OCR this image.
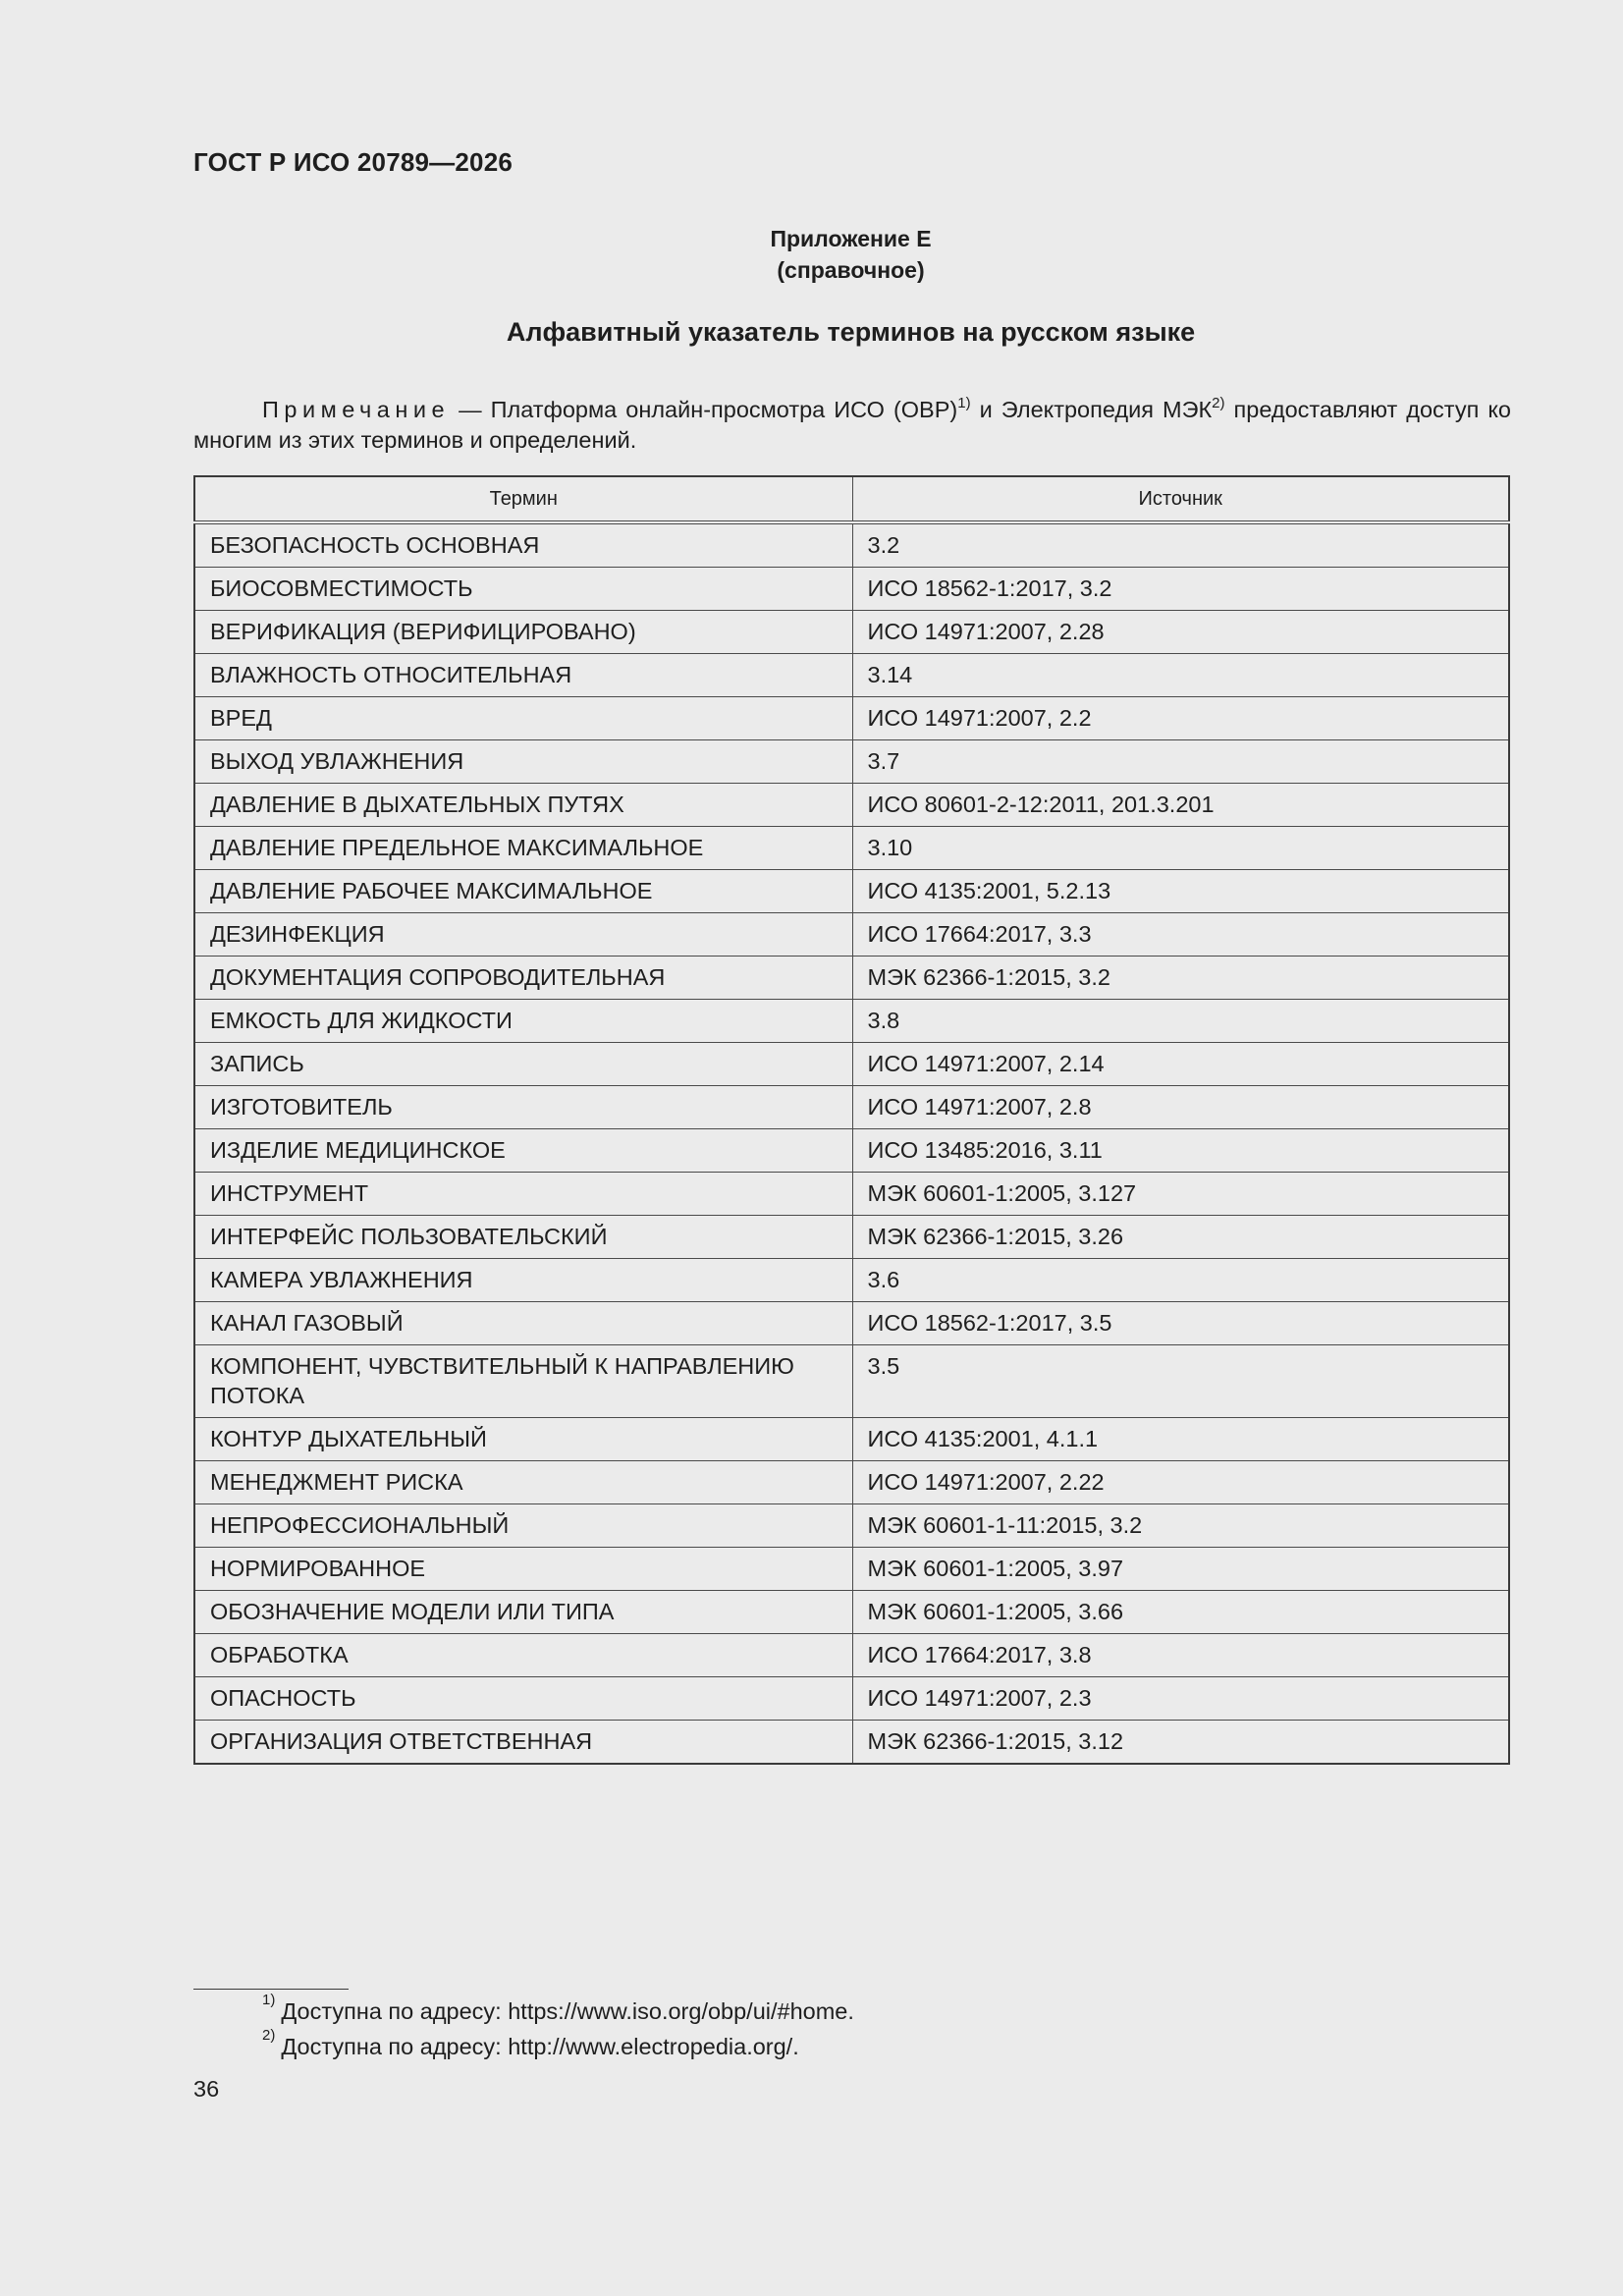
ГОСТ Р ИСО 20789—2026
Приложение Е
(справочное)
Алфавитный указатель терминов на русском языке
Примечание — Платформа онлайн-просмотра ИСО (OBP)$^{1)}$ и Электропедия МЭК$^{2)}$ предоставляют доступ ко многим из этих терминов и определений.
Термин	Источник
БЕЗОПАСНОСТЬ ОСНОВНАЯ	3.2
БИОСОВМЕСТИМОСТЬ	ИСО 18562-1:2017, 3.2
ВЕРИФИКАЦИЯ (ВЕРИФИЦИРОВАНО)	ИСО 14971:2007, 2.28
ВЛАЖНОСТЬ ОТНОСИТЕЛЬНАЯ	3.14
ВРЕД	ИСО 14971:2007, 2.2
ВЫХОД УВЛАЖНЕНИЯ	3.7
ДАВЛЕНИЕ В ДЫХАТЕЛЬНЫХ ПУТЯХ	ИСО 80601-2-12:2011, 201.3.201
ДАВЛЕНИЕ ПРЕДЕЛЬНОЕ МАКСИМАЛЬНОЕ	3.10
ДАВЛЕНИЕ РАБОЧЕЕ МАКСИМАЛЬНОЕ	ИСО 4135:2001, 5.2.13
ДЕЗИНФЕКЦИЯ	ИСО 17664:2017, 3.3
ДОКУМЕНТАЦИЯ СОПРОВОДИТЕЛЬНАЯ	МЭК 62366-1:2015, 3.2
ЕМКОСТЬ ДЛЯ ЖИДКОСТИ	3.8
ЗАПИСЬ	ИСО 14971:2007, 2.14
ИЗГОТОВИТЕЛЬ	ИСО 14971:2007, 2.8
ИЗДЕЛИЕ МЕДИЦИНСКОЕ	ИСО 13485:2016, 3.11
ИНСТРУМЕНТ	МЭК 60601-1:2005, 3.127
ИНТЕРФЕЙС ПОЛЬЗОВАТЕЛЬСКИЙ	МЭК 62366-1:2015, 3.26
КАМЕРА УВЛАЖНЕНИЯ	3.6
КАНАЛ ГАЗОВЫЙ	ИСО 18562-1:2017, 3.5
КОМПОНЕНТ, ЧУВСТВИТЕЛЬНЫЙ К НАПРАВЛЕНИЮ ПОТОКА	3.5
КОНТУР ДЫХАТЕЛЬНЫЙ	ИСО 4135:2001, 4.1.1
МЕНЕДЖМЕНТ РИСКА	ИСО 14971:2007, 2.22
НЕПРОФЕССИОНАЛЬНЫЙ	МЭК 60601-1-11:2015, 3.2
НОРМИРОВАННОЕ	МЭК 60601-1:2005, 3.97
ОБОЗНАЧЕНИЕ МОДЕЛИ ИЛИ ТИПА	МЭК 60601-1:2005, 3.66
ОБРАБОТКА	ИСО 17664:2017, 3.8
ОПАСНОСТЬ	ИСО 14971:2007, 2.3
ОРГАНИЗАЦИЯ ОТВЕТСТВЕННАЯ	МЭК 62366-1:2015, 3.12
$^{1)}$ Доступна по адресу: https://www.iso.org/obp/ui/#home.
$^{2)}$ Доступна по адресу: http://www.electropedia.org/.
36
